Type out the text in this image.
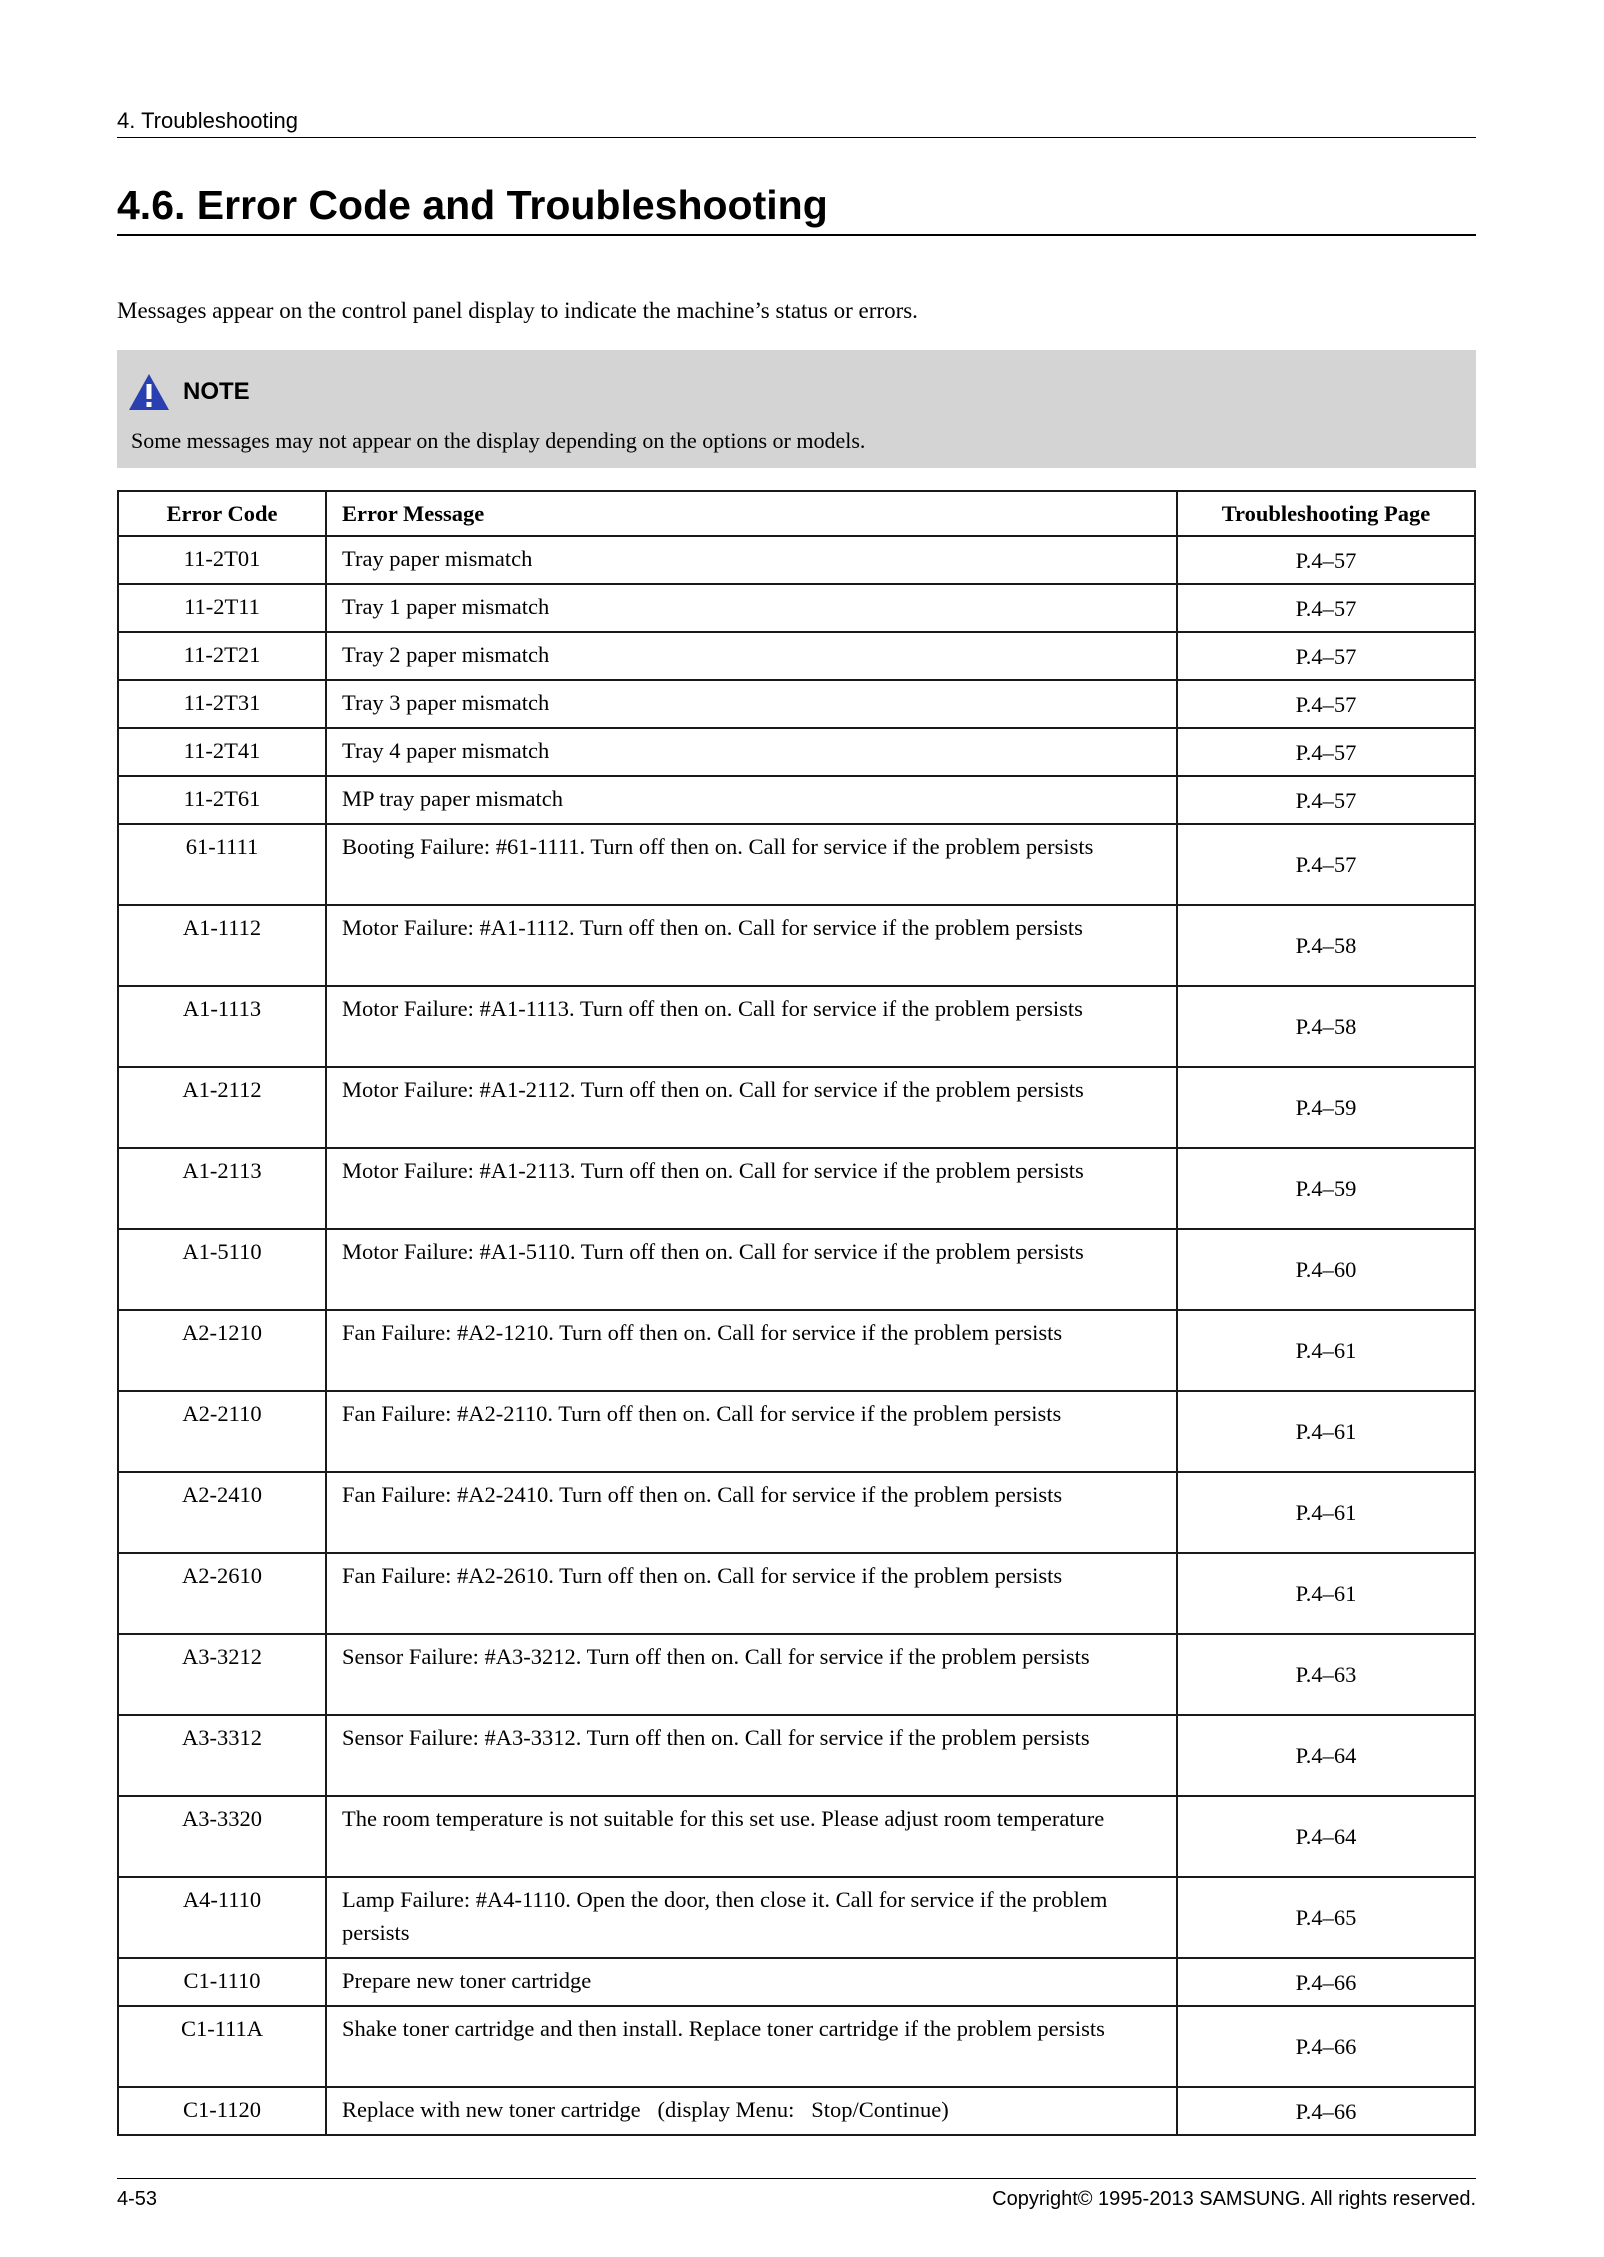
4. Troubleshooting
4.6. Error Code and Troubleshooting
Messages appear on the control panel display to indicate the machine’s status or errors.
NOTE
Some messages may not appear on the display depending on the options or models.
Error Code	Error Message	Troubleshooting Page
11-2T01	Tray paper mismatch	P.4–57
11-2T11	Tray 1 paper mismatch	P.4–57
11-2T21	Tray 2 paper mismatch	P.4–57
11-2T31	Tray 3 paper mismatch	P.4–57
11-2T41	Tray 4 paper mismatch	P.4–57
11-2T61	MP tray paper mismatch	P.4–57
61-1111	Booting Failure: #61-1111. Turn off then on. Call for service if the problem persists	P.4–57
A1-1112	Motor Failure: #A1-1112. Turn off then on. Call for service if the problem persists	P.4–58
A1-1113	Motor Failure: #A1-1113. Turn off then on. Call for service if the problem persists	P.4–58
A1-2112	Motor Failure: #A1-2112. Turn off then on. Call for service if the problem persists	P.4–59
A1-2113	Motor Failure: #A1-2113. Turn off then on. Call for service if the problem persists	P.4–59
A1-5110	Motor Failure: #A1-5110. Turn off then on. Call for service if the problem persists	P.4–60
A2-1210	Fan Failure: #A2-1210. Turn off then on. Call for service if the problem persists	P.4–61
A2-2110	Fan Failure: #A2-2110. Turn off then on. Call for service if the problem persists	P.4–61
A2-2410	Fan Failure: #A2-2410. Turn off then on. Call for service if the problem persists	P.4–61
A2-2610	Fan Failure: #A2-2610. Turn off then on. Call for service if the problem persists	P.4–61
A3-3212	Sensor Failure: #A3-3212. Turn off then on. Call for service if the problem persists	P.4–63
A3-3312	Sensor Failure: #A3-3312. Turn off then on. Call for service if the problem persists	P.4–64
A3-3320	The room temperature is not suitable for this set use. Please adjust room temperature	P.4–64
A4-1110	Lamp Failure: #A4-1110. Open the door, then close it. Call for service if the problem persists	P.4–65
C1-1110	Prepare new toner cartridge	P.4–66
C1-111A	Shake toner cartridge and then install. Replace toner cartridge if the problem persists	P.4–66
C1-1120	Replace with new toner cartridge   (display Menu:   Stop/Continue)	P.4–66
4-53	Copyright© 1995-2013 SAMSUNG. All rights reserved.
